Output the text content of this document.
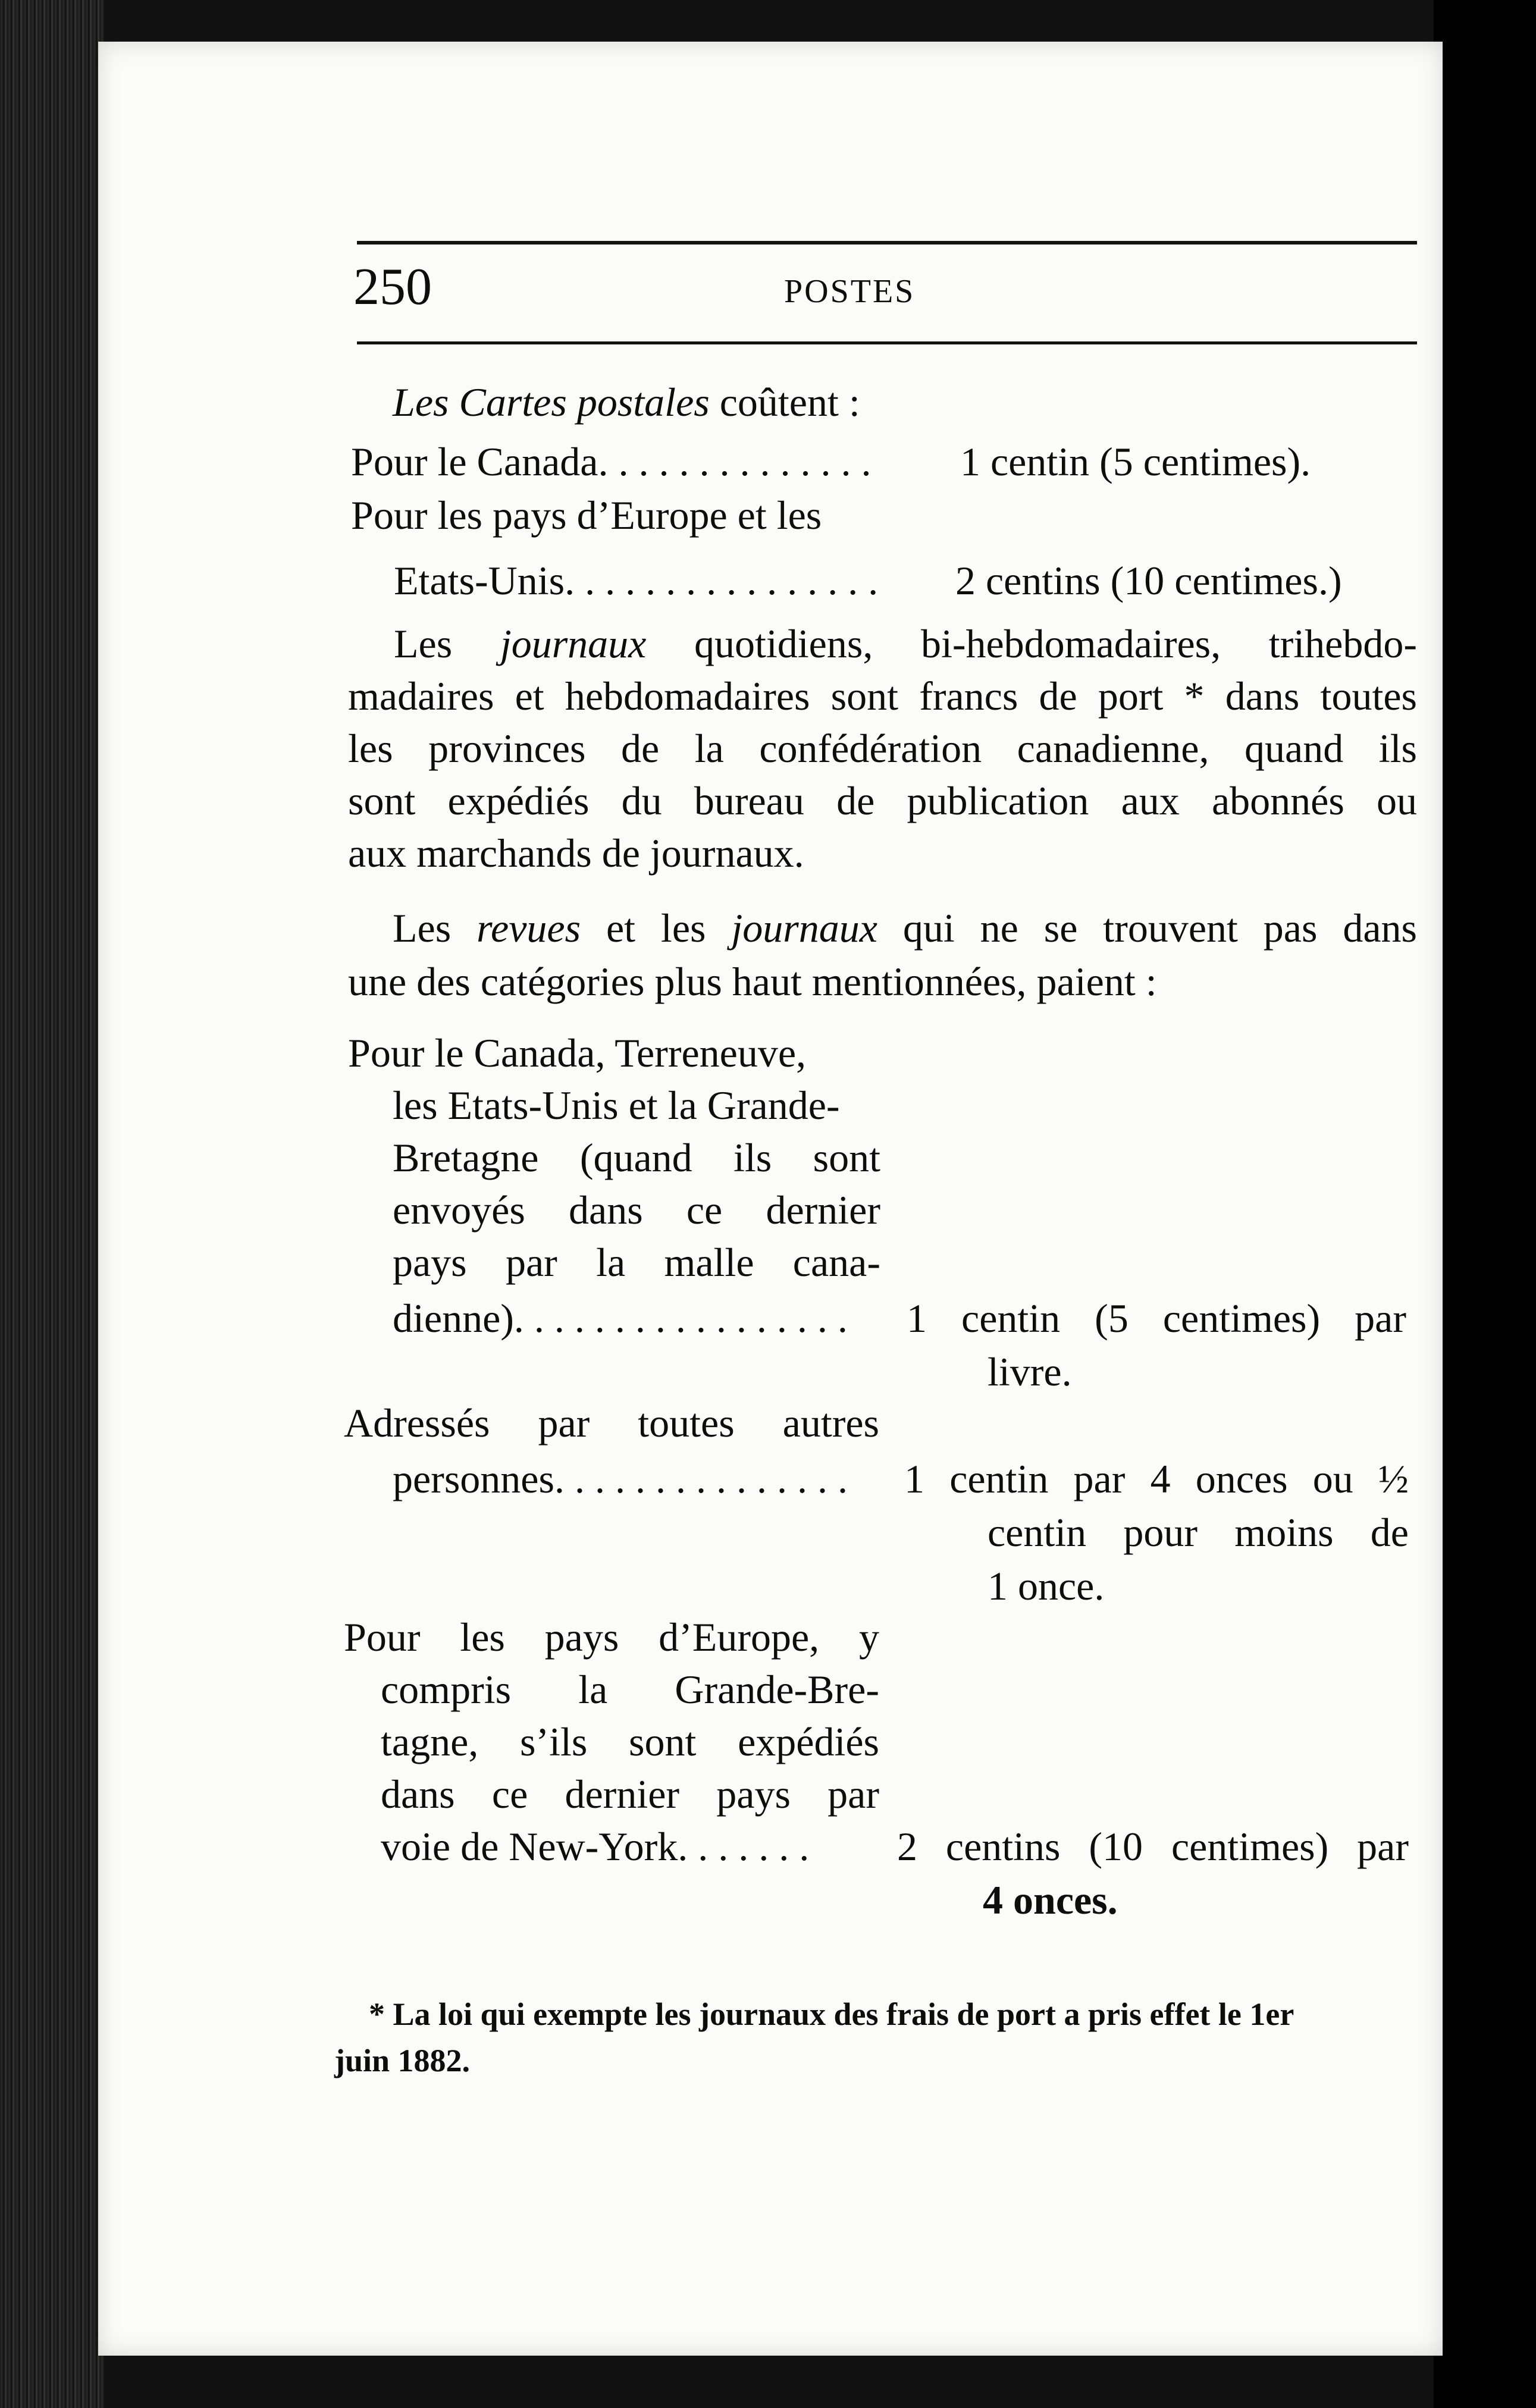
250	POSTES
Les Cartes postales coûtent :
Pour le Canada. . . . . . . . . . . . . . 1 centin (5 centimes).
Pour les pays d’Europe et les
Etats-Unis. . . . . . . . . . . . . . . . 2 centins (10 centimes.)
Les journaux quotidiens, bi-hebdomadaires, trihebdo-
madaires et hebdomadaires sont francs de port * dans toutes
les provinces de la confédération canadienne, quand ils
sont expédiés du bureau de publication aux abonnés ou
aux marchands de journaux.
Les revues et les journaux qui ne se trouvent pas dans
une des catégories plus haut mentionnées, paient :
Pour le Canada, Terreneuve,
les Etats-Unis et la Grande-
Bretagne (quand ils sont
envoyés dans ce dernier
pays par la malle cana-
dienne). . . . . . . . . . . . . . . . . 1 centin (5 centimes) par
livre.
Adressés par toutes autres
personnes. . . . . . . . . . . . . . . 1 centin par 4 onces ou ½
centin pour moins de
1 once.
Pour les pays d’Europe, y
compris la Grande-Bre-
tagne, s’ils sont expédiés
dans ce dernier pays par
voie de New-York. . . . . . . 2 centins (10 centimes) par
4 onces.
* La loi qui exempte les journaux des frais de port a pris effet le 1er
juin 1882.
